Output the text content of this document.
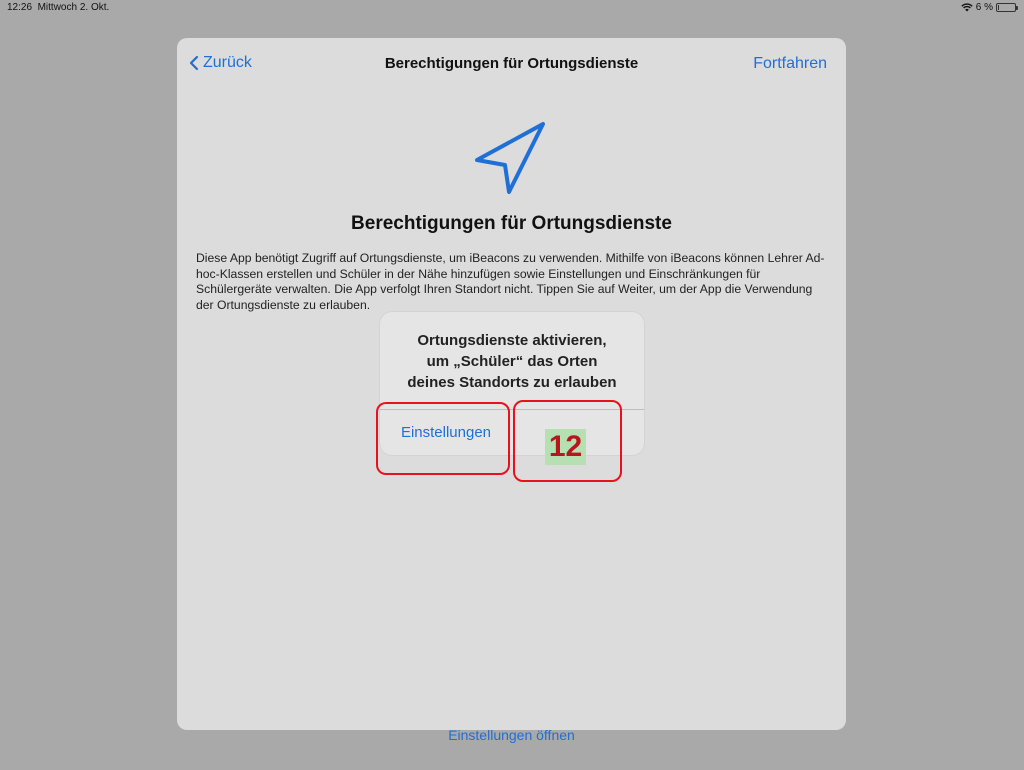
12:26 Mittwoch 2. Okt.	6 %
Zurück	Berechtigungen für Ortungsdienste	Fortfahren
Berechtigungen für Ortungsdienste
Diese App benötigt Zugriff auf Ortungsdienste, um iBeacons zu verwenden. Mithilfe von iBeacons können Lehrer Ad-hoc-Klassen erstellen und Schüler in der Nähe hinzufügen sowie Einstellungen und Einschränkungen für Schülergeräte verwalten. Die App verfolgt Ihren Standort nicht. Tippen Sie auf Weiter, um der App die Verwendung der Ortungsdienste zu erlauben.
Einstellungen öffnen
Ortungsdienste aktivieren,
um „Schüler“ das Orten
deines Standorts zu erlauben
Einstellungen	12
